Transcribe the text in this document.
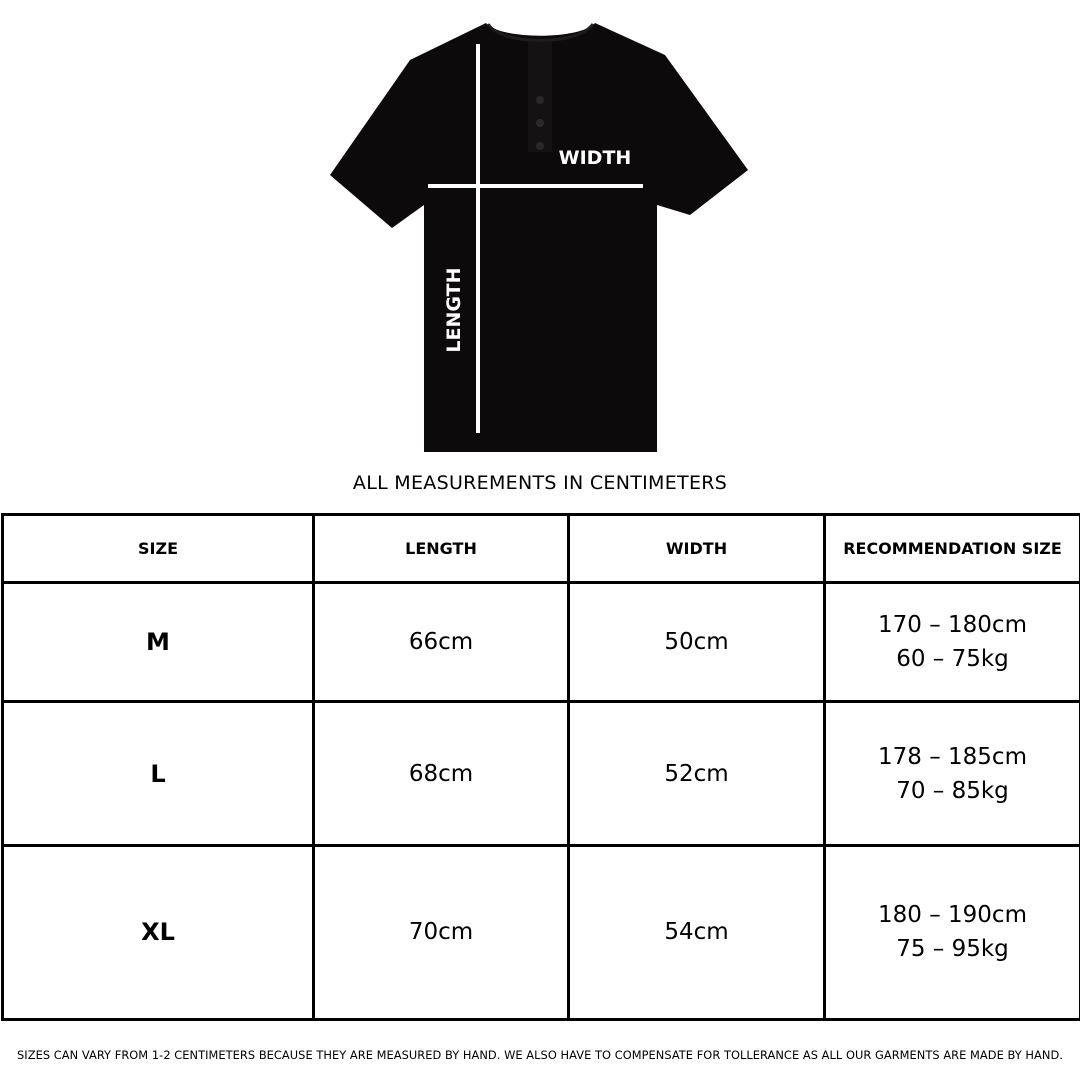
WIDTH
LENGTH
ALL MEASUREMENTS IN CENTIMETERS
SIZE	LENGTH	WIDTH	RECOMMENDATION SIZE
M	66cm	50cm	170 – 180cm
60 – 75kg

L	68cm	52cm	178 – 185cm
70 – 85kg

XL	70cm	54cm	180 – 190cm
75 – 95kg
SIZES CAN VARY FROM 1-2 CENTIMETERS BECAUSE THEY ARE MEASURED BY HAND. WE ALSO HAVE TO COMPENSATE FOR TOLLERANCE AS ALL OUR GARMENTS ARE MADE BY HAND.
